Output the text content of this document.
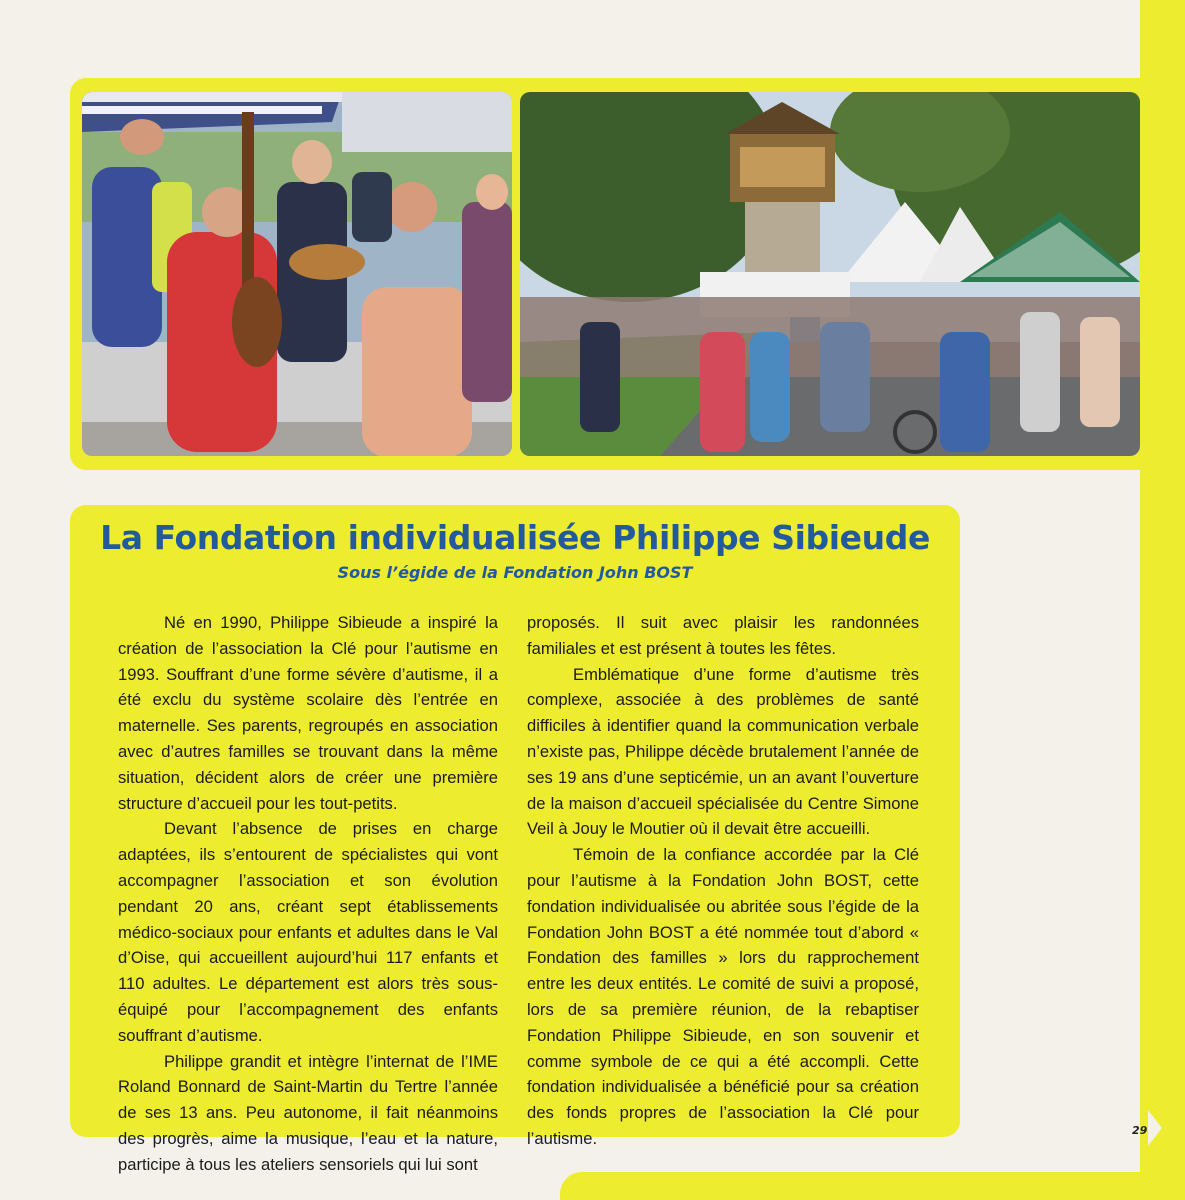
La Fondation individualisée Philippe Sibieude
Sous l’égide de la Fondation John BOST

Né en 1990, Philippe Sibieude a inspiré la création de l’association la Clé pour l’autisme en 1993. Souffrant d’une forme sévère d’autisme, il a été exclu du système scolaire dès l’entrée en maternelle. Ses parents, regroupés en association avec d’autres familles se trouvant dans la même situation, décident alors de créer une première structure d’accueil pour les tout-petits.

Devant l’absence de prises en charge adaptées, ils s’entourent de spécialistes qui vont accompagner l’association et son évolution pendant 20 ans, créant sept établissements médico-sociaux pour enfants et adultes dans le Val d’Oise, qui accueillent aujourd’hui 117 enfants et 110 adultes. Le département est alors très sous-équipé pour l’accompagnement des enfants souffrant d’autisme.

Philippe grandit et intègre l’internat de l’IME Roland Bonnard de Saint-Martin du Tertre l’année de ses 13 ans. Peu autonome, il fait néanmoins des progrès, aime la musique, l’eau et la nature, participe à tous les ateliers sensoriels qui lui sont

proposés. Il suit avec plaisir les randonnées familiales et est présent à toutes les fêtes.

Emblématique d’une forme d’autisme très complexe, associée à des problèmes de santé difficiles à identifier quand la communication verbale n’existe pas, Philippe décède brutalement l’année de ses 19 ans d’une septicémie, un an avant l’ouverture de la maison d’accueil spécialisée du Centre Simone Veil à Jouy le Moutier où il devait être accueilli.

Témoin de la confiance accordée par la Clé pour l’autisme à la Fondation John BOST, cette fondation individualisée ou abritée sous l’égide de la Fondation John BOST a été nommée tout d’abord « Fondation des familles » lors du rapprochement entre les deux entités. Le comité de suivi a proposé, lors de sa première réunion, de la rebaptiser Fondation Philippe Sibieude, en son souvenir et comme symbole de ce qui a été accompli. Cette fondation individualisée a bénéficié pour sa création des fonds propres de l’association la Clé pour l’autisme.	29
